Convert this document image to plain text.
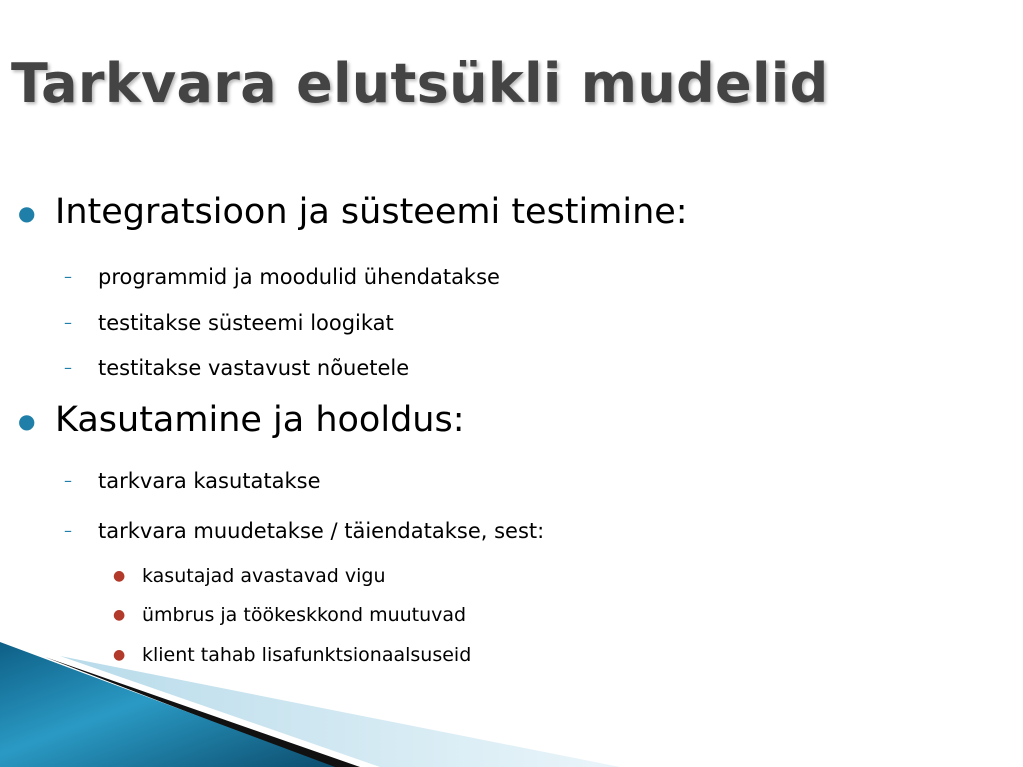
Tarkvara elutsükli mudelid
● Integratsioon ja süsteemi testimine:
– programmid ja moodulid ühendatakse
– testitakse süsteemi loogikat
– testitakse vastavust nõuetele
● Kasutamine ja hooldus:
– tarkvara kasutatakse
– tarkvara muudetakse / täiendatakse, sest:
● kasutajad avastavad vigu
● ümbrus ja töökeskkond muutuvad
● klient tahab lisafunktsionaalsuseid
